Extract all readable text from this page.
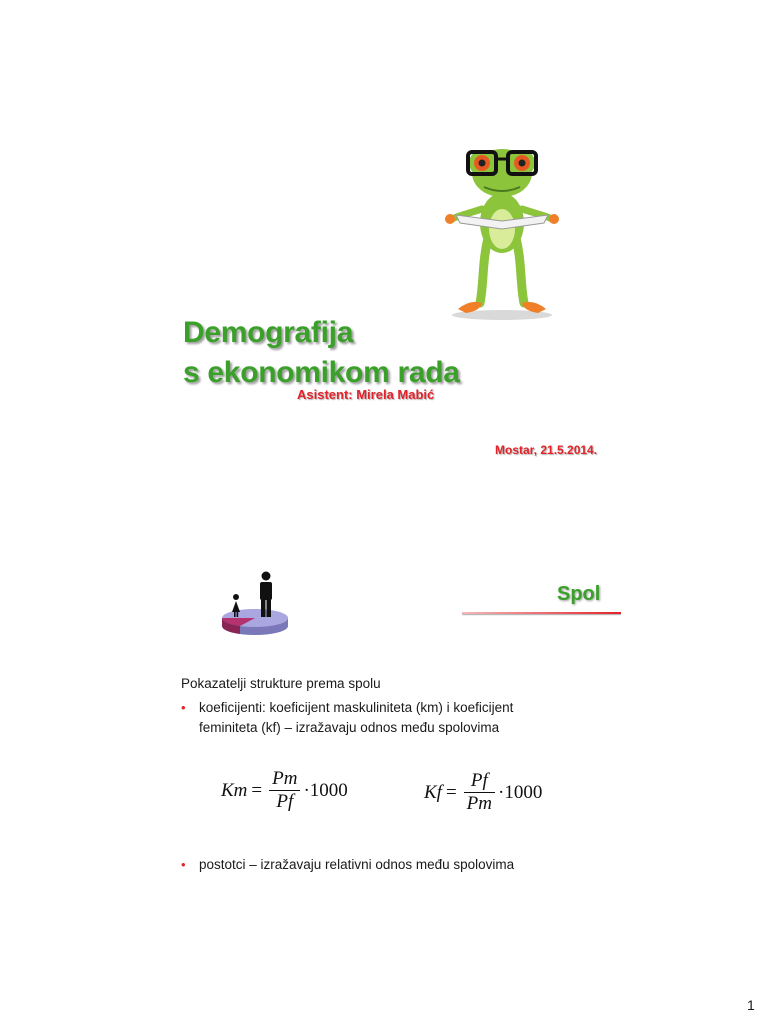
Demografija
s ekonomikom rada
Asistent: Mirela Mabić
Mostar, 21.5.2014.
Spol
Pokazatelji strukture prema spolu
• koeficijenti: koeficijent maskuliniteta (km) i koeficijent
feminiteta (kf) – izražavaju odnos među spolovima
$Km = \frac{Pm}{Pf} \cdot 1000$	$Kf = \frac{Pf}{Pm} \cdot 1000$
• postotci – izražavaju relativni odnos među spolovima
1
